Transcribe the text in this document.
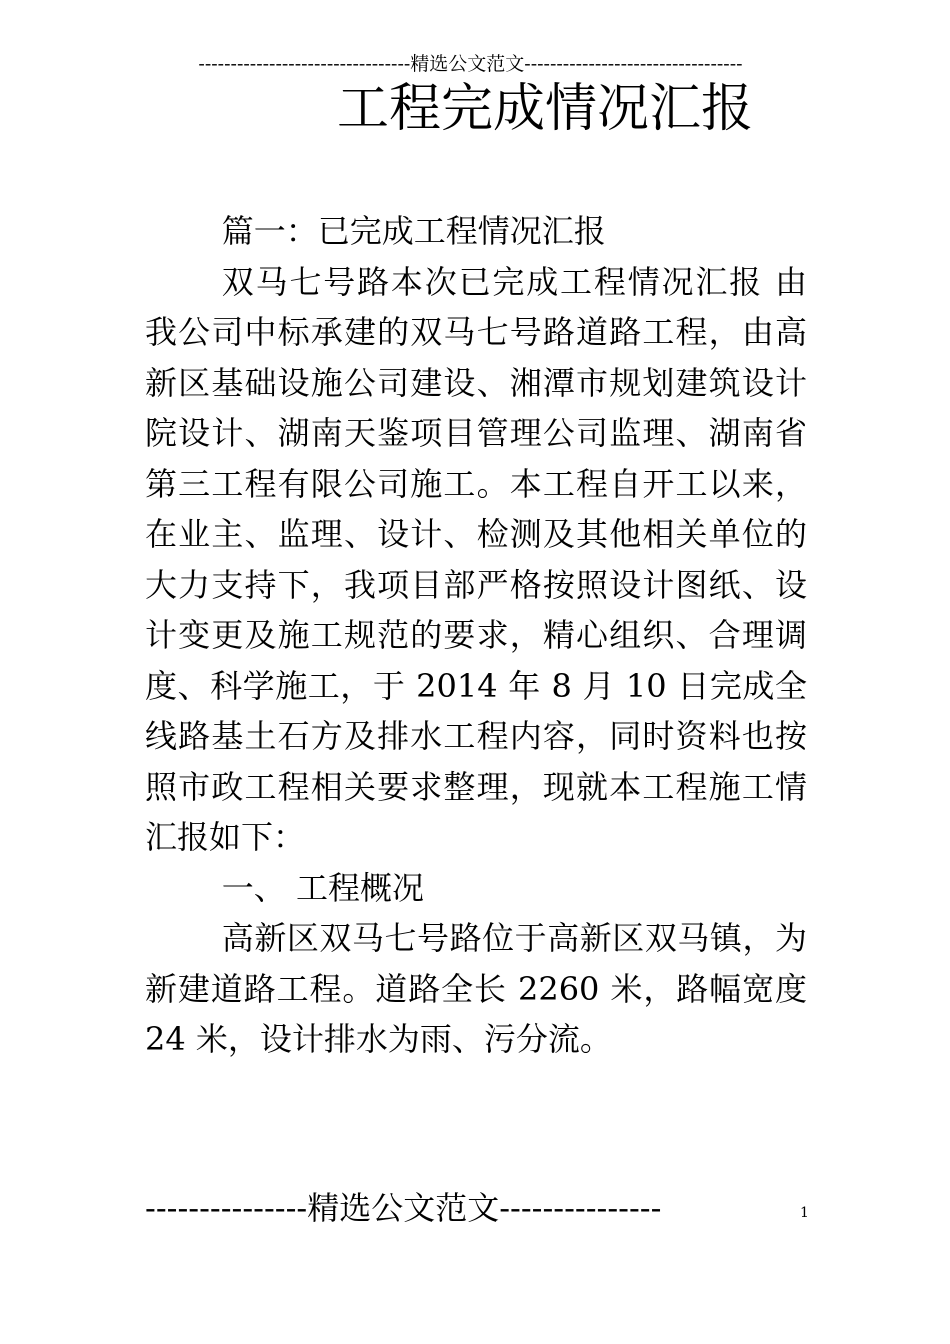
---------------------------------精选公文范文----------------------------------
工程完成情况汇报

篇一：已完成工程情况汇报

双马七号路本次已完成工程情况汇报 由我公司中标承建的双马七号路道路工程，由高新区基础设施公司建设、湘潭市规划建筑设计院设计、湖南天鉴项目管理公司监理、湖南省第三工程有限公司施工。本工程自开工以来，在业主、监理、设计、检测及其他相关单位的大力支持下，我项目部严格按照设计图纸、设计变更及施工规范的要求，精心组织、合理调度、科学施工，于 2014 年 8 月 10 日完成全线路基土石方及排水工程内容，同时资料也按照市政工程相关要求整理，现就本工程施工情汇报如下：

一、 工程概况

高新区双马七号路位于高新区双马镇，为新建道路工程。道路全长 2260 米，路幅宽度 24 米，设计排水为雨、污分流。

---------------精选公文范文---------------	1
